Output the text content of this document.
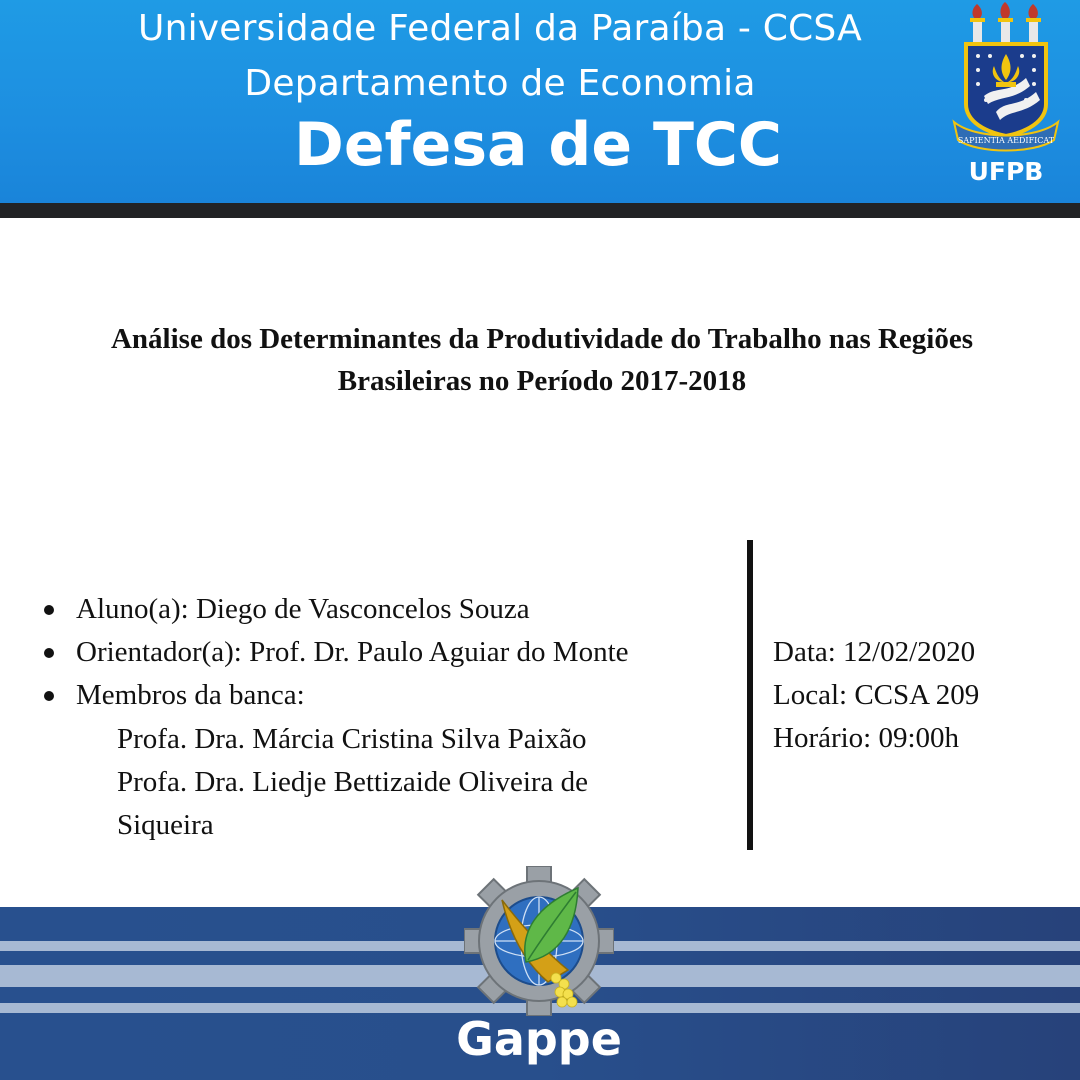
Universidade Federal da Paraíba - CCSA
Departamento de Economia
Defesa de TCC	SAPIENTIA AEDIFICAT
UFPB
Análise dos Determinantes da Produtividade do Trabalho nas Regiões
Brasileiras no Período 2017-2018
Aluno(a): Diego de Vasconcelos Souza
Orientador(a): Prof. Dr. Paulo Aguiar do Monte
Membros da banca:
Profa. Dra. Márcia Cristina Silva Paixão
Profa. Dra. Liedje Bettizaide Oliveira de
Siqueira
Data: 12/02/2020
Local: CCSA 209
Horário: 09:00h
Gappe
